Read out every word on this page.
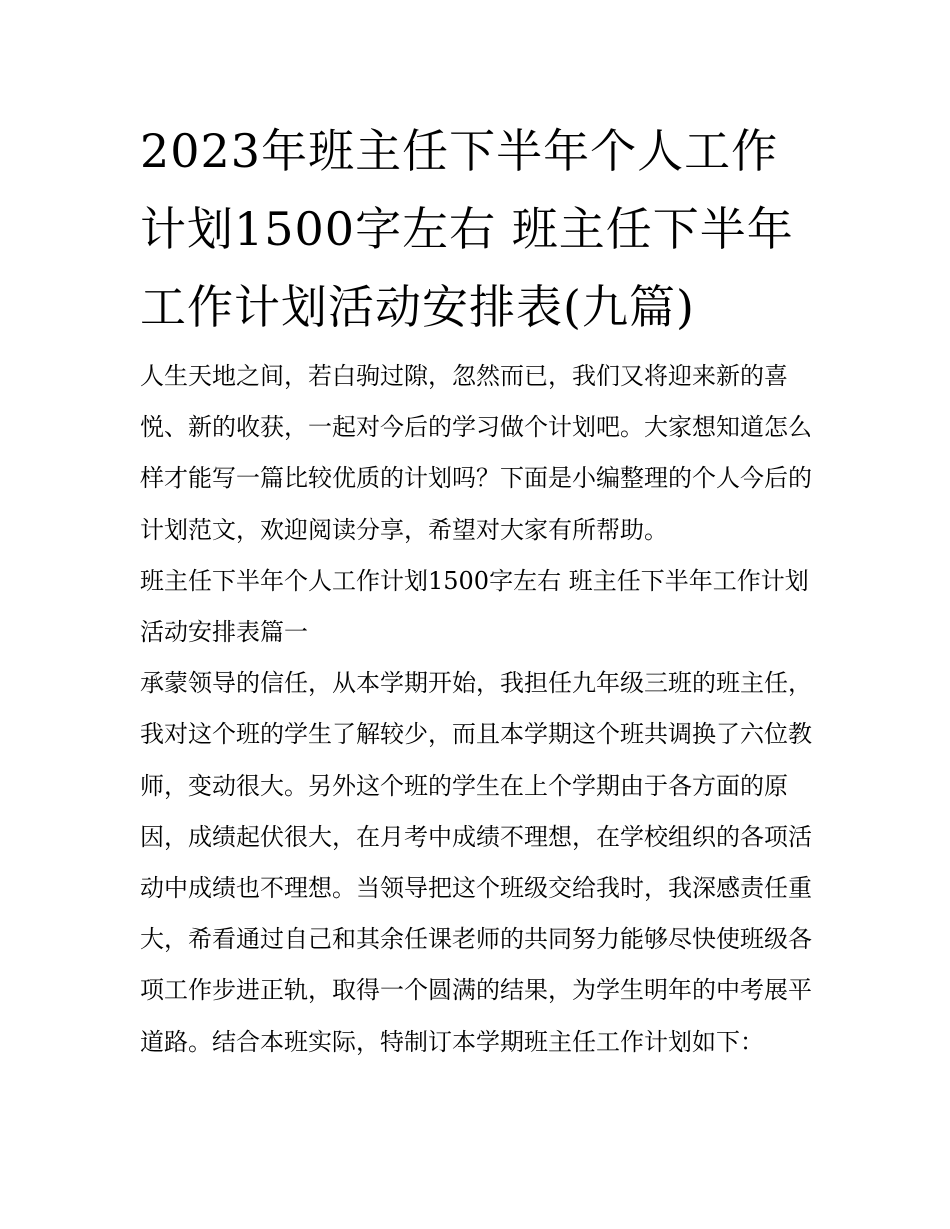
2023年班主任下半年个人工作计划1500字左右 班主任下半年工作计划活动安排表(九篇)

人生天地之间，若白驹过隙，忽然而已，我们又将迎来新的喜悦、新的收获，一起对今后的学习做个计划吧。大家想知道怎么样才能写一篇比较优质的计划吗？下面是小编整理的个人今后的计划范文，欢迎阅读分享，希望对大家有所帮助。

班主任下半年个人工作计划1500字左右 班主任下半年工作计划活动安排表篇一

承蒙领导的信任，从本学期开始，我担任九年级三班的班主任，我对这个班的学生了解较少，而且本学期这个班共调换了六位教师，变动很大。另外这个班的学生在上个学期由于各方面的原因，成绩起伏很大，在月考中成绩不理想，在学校组织的各项活动中成绩也不理想。当领导把这个班级交给我时，我深感责任重大，希看通过自己和其余任课老师的共同努力能够尽快使班级各项工作步进正轨，取得一个圆满的结果，为学生明年的中考展平道路。结合本班实际，特制订本学期班主任工作计划如下：
